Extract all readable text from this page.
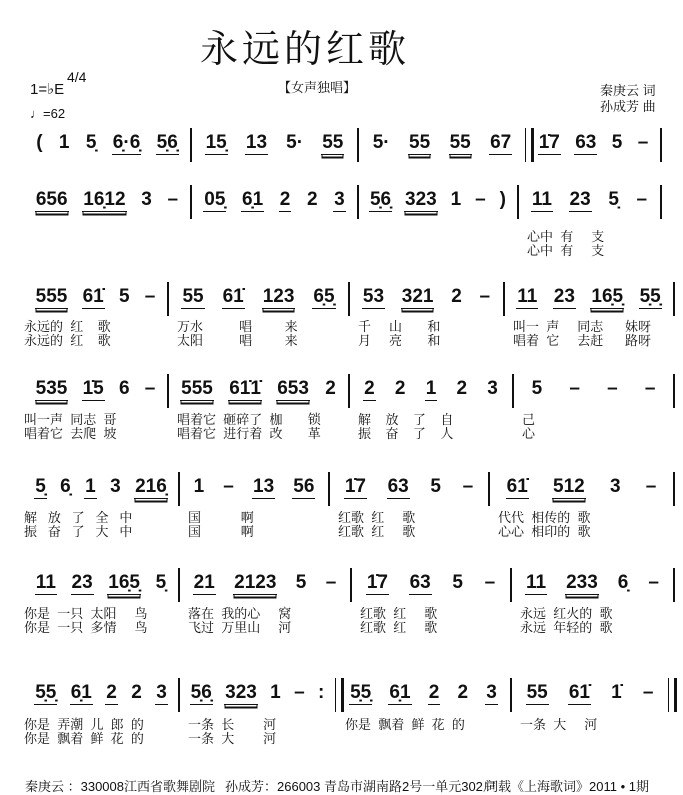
永远的红歌
【女声独唱】
1=♭E
4/4
♩=62
秦庚云 词
孙成芳 曲
( 1 5̣ 6̣·6̣ 5̣6̣ 15̣ 13 5· 55 5· 55 55 67 1̇7 63 5 –
656 16̣12 3 – 05̣ 6̣1 2 2 3 5̣6̣ 323 1 – ) 11 23 5̣ –
心中  有     支
心中  有     支
555 61̇ 5 – 55 61̇ 123 6̣5̣ 53 321 2 – 11 23 16̣5̣ 5̣5̣
永远的  红    歌	万水          唱         来	千     山       和	叫一  声     同志      妹呀
永远的  红    歌	太阳          唱         来	月     亮       和	唱着  它     去赶      路呀
535 1̇5 6 – 555 61̇1̇ 653 2 2 2 1 2 3 5 – – –
叫一声  同志  哥	唱着它  砸碎了  枷       锁	解    放    了    自	己
唱着它  去爬  坡	唱着它  进行着  改       革	振    奋    了    人	心
5̣ 6̣ 1 3 216̣ 1 – 13 56 1̇7 63 5 – 61̇ 512 3 –
解   放   了   全   中	国           啊	红歌  红     歌	代代  相传的  歌
振   奋   了   大   中	国           啊	红歌  红     歌	心心  相印的  歌
11 23 16̣5̣ 5̣ 21 2123 5 – 1̇7 63 5 – 11 233 6̣ –
你是  一只  太阳     鸟	落在  我的心     窝	红歌  红     歌	永远  红火的  歌
你是  一只  多情     鸟	飞过  万里山     河	红歌  红     歌	永远  年轻的  歌
5̣5̣ 6̣1 2 2 3 5̣6̣ 323 1 – : 5̣5̣ 6̣1 2 2 3 55 61̇ 1̇ –
你是  弄潮  儿  郎  的	一条  长        河	你是  飘着  鲜  花  的	一条  大     河
你是  飘着  鲜  花  的	一条  大        河
秦庚云 ：330008江西省歌舞剧院 孙成芳：266003 青岛市湖南路2号一单元302户
词载《上海歌词》2011 • 1期
